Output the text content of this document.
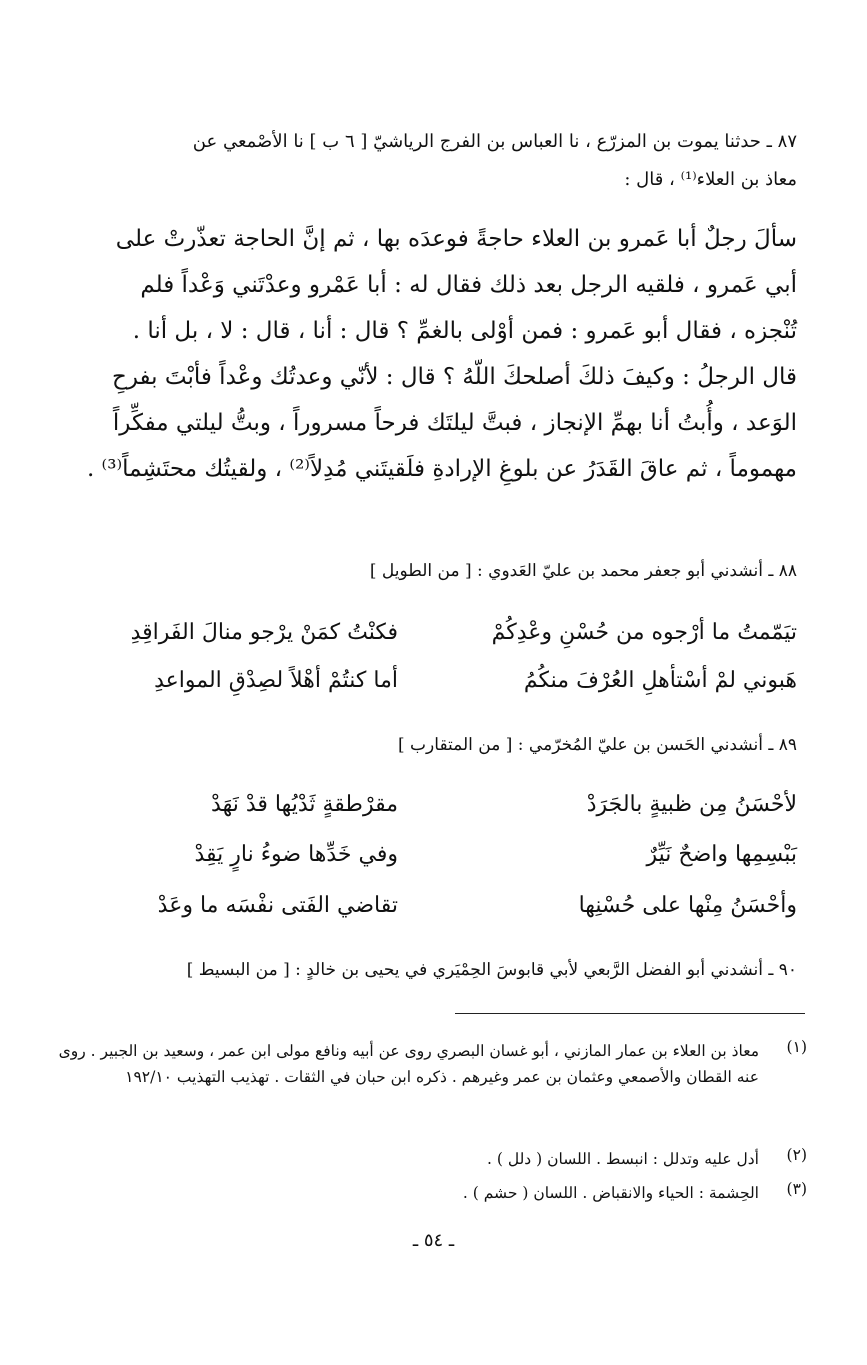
٨٧ ـ حدثنا يموت بن المزرّع ، نا العباس بن الفرج الرياشيّ [ ٦ ب ] نا الأصْمعي عن
معاذ بن العلاء⁽¹⁾ ، قال :
سألَ رجلٌ أبا عَمرو بن العلاء حاجةً فوعدَه بها ، ثم إنَّ الحاجة تعذّرتْ على
أبي عَمرو ، فلقيه الرجل بعد ذلك فقال له : أبا عَمْرو وعدْتَني وَعْداً فلم
تُنْجزه ، فقال أبو عَمرو : فمن أوْلى بالغمِّ ؟ قال : أنا ، قال : لا ، بل أنا .
قال الرجلُ : وكيفَ ذلكَ أصلحكَ اللّهُ ؟ قال : لأنّي وعدتُك وعْداً فأبْتَ بفرحِ
الوَعد ، وأُبتُ أنا بهمِّ الإنجاز ، فبتَّ ليلتَك فرحاً مسروراً ، وبتُّ ليلتي مفكِّراً
مهموماً ، ثم عاقَ القَدَرُ عن بلوغِ الإرادةِ فلَقيتَني مُدِلاً⁽²⁾ ، ولقيتُك محتَشِماً⁽³⁾ .
٨٨ ـ أنشدني أبو جعفر محمد بن عليّ العَدوي : [ من الطويل ]
تيَمّمتُ ما أرْجوه من حُسْنِ وعْدِكُمْ
فكنْتُ كمَنْ يرْجو منالَ الفَراقِدِ
هَبوني لمْ أسْتأهلِ العُرْفَ منكُمُ
أما كنتُمْ أهْلاً لصِدْقِ المواعدِ
٨٩ ـ أنشدني الحَسن بن عليّ المُخرّمي : [ من المتقارب ]
لأحْسَنُ مِن ظبيةٍ بالجَرَدْ
مقرْطقةٍ ثَدْيُها قدْ نَهَدْ
بَبْسِمِها واضحٌ نَيِّرٌ
وفي خَدِّها ضوءُ نارٍ يَقِدْ
وأحْسَنُ مِنْها على حُسْنِها
تقاضي الفَتى نفْسَه ما وعَدْ
٩٠ ـ أنشدني أبو الفضل الرَّبعي لأبي قابوسَ الحِمْيَري في يحيى بن خالدٍ : [ من البسيط ]
(١)
معاذ بن العلاء بن عمار المازني ، أبو غسان البصري روى عن أبيه ونافع مولى ابن عمر ، وسعيد بن الجبير . روى عنه القطان والأصمعي وعثمان بن عمر وغيرهم . ذكره ابن حبان في الثقات . تهذيب التهذيب ١٩٢/١٠
(٢)
أدل عليه وتدلل : انبسط . اللسان ( دلل ) .
(٣)
الحِشمة : الحياء والانقباض . اللسان ( حشم ) .
ـ ٥٤ ـ
